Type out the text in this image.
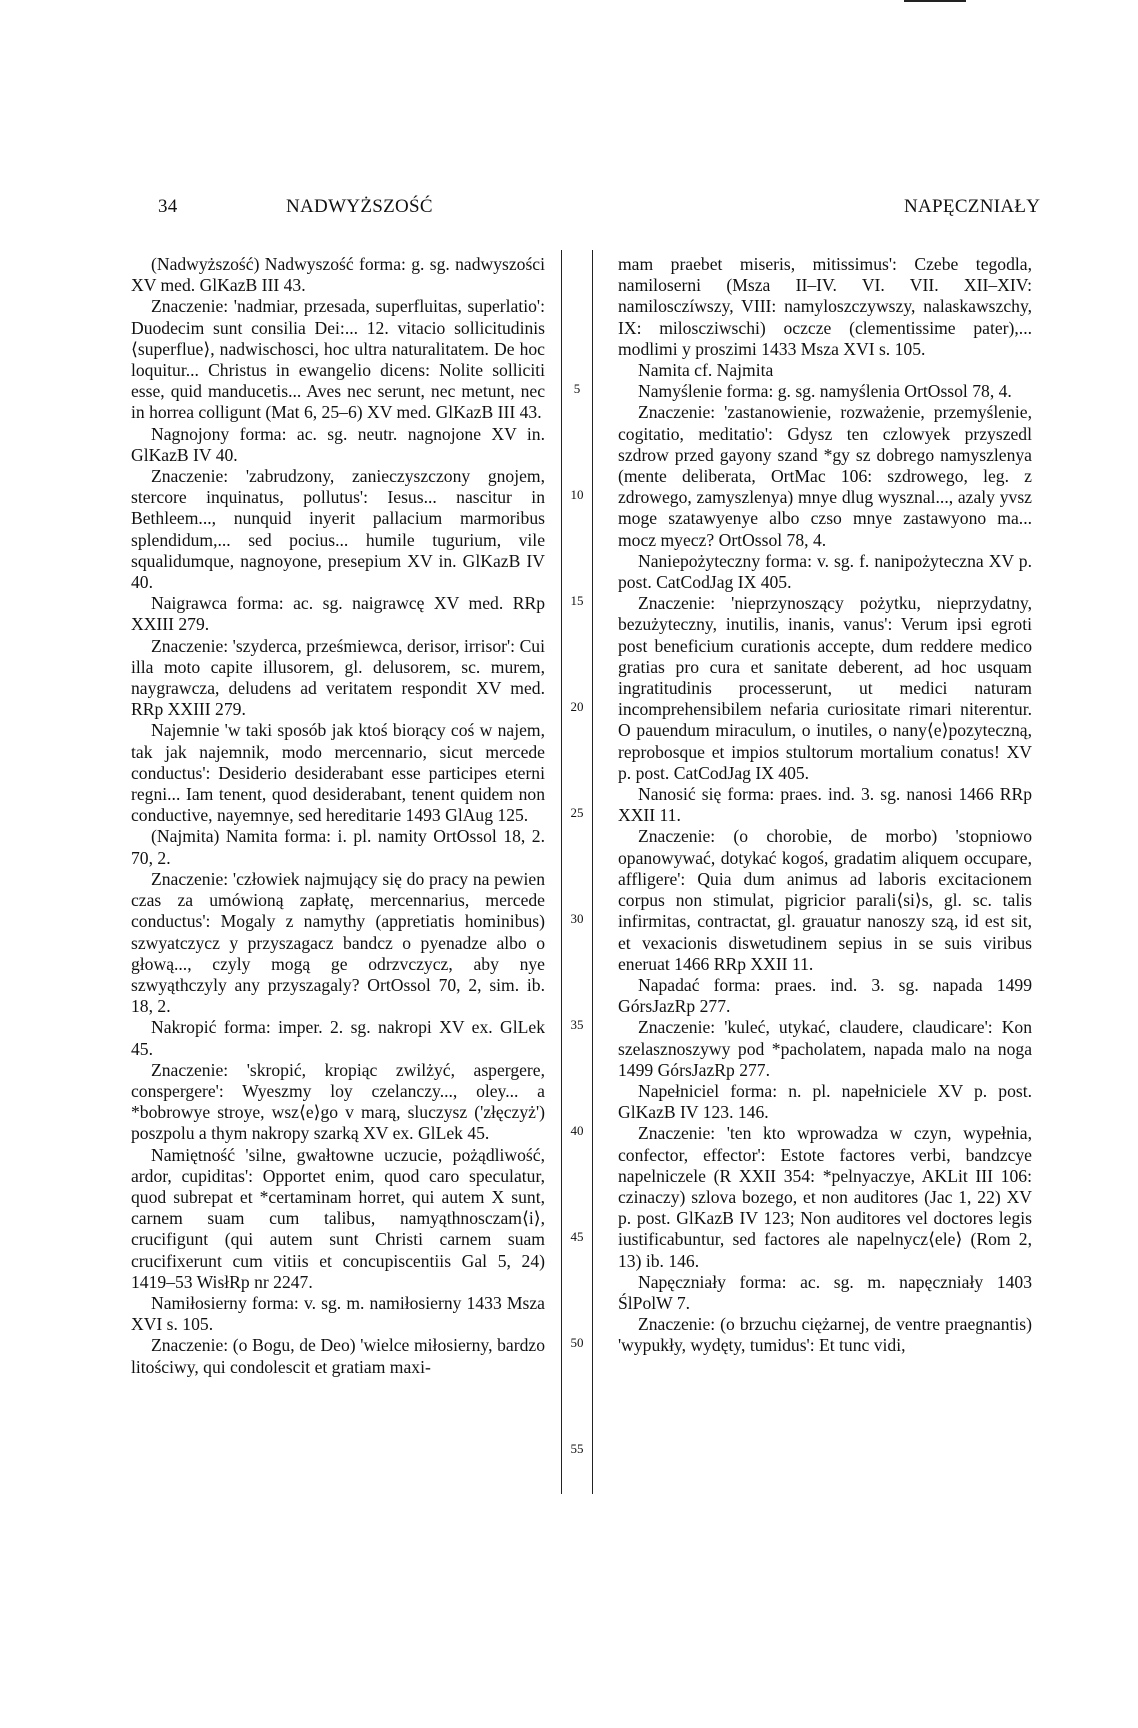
34	NADWYŻSZOŚĆ	NAPĘCZNIAŁY
5
10
15
20
25
30
35
40
45
50
55

(Nadwyższość) Nadwyszość forma: g. sg. nadwyszości XV med. GlKazB III 43.

Znaczenie: 'nadmiar, przesada, superfluitas, superlatio': Duodecim sunt consilia Dei:... 12. vitacio sollicitudinis ⟨superflue⟩, nadwischosci, hoc ultra naturalitatem. De hoc loquitur... Christus in ewangelio dicens: Nolite solliciti esse, quid manducetis... Aves nec serunt, nec metunt, nec in horrea colligunt (Mat 6, 25–6) XV med. GlKazB III 43.

Nagnojony forma: ac. sg. neutr. nagnojone XV in. GlKazB IV 40.

Znaczenie: 'zabrudzony, zanieczyszczony gnojem, stercore inquinatus, pollutus': Iesus... nascitur in Bethleem..., nunquid inyerit pallacium marmoribus splendidum,... sed pocius... humile tugurium, vile squalidumque, nagnoyone, presepium XV in. GlKazB IV 40.

Naigrawca forma: ac. sg. naigrawcę XV med. RRp XXIII 279.

Znaczenie: 'szyderca, prześmiewca, derisor, irrisor': Cui illa moto capite illusorem, gl. delusorem, sc. murem, naygrawcza, deludens ad veritatem respondit XV med. RRp XXIII 279.

Najemnie 'w taki sposób jak ktoś biorący coś w najem, tak jak najemnik, modo mercennario, sicut mercede conductus': Desiderio desiderabant esse participes eterni regni... Iam tenent, quod desiderabant, tenent quidem non conductive, nayemnye, sed hereditarie 1493 GlAug 125.

(Najmita) Namita forma: i. pl. namity OrtOssol 18, 2. 70, 2.

Znaczenie: 'człowiek najmujący się do pracy na pewien czas za umówioną zapłatę, mercennarius, mercede conductus': Mogaly z namythy (appretiatis hominibus) szwyatczycz y przyszagacz bandcz o pyenadze albo o głową..., czyly mogą ge odrzvczycz, aby nye szwyąthczyly any przyszagaly? OrtOssol 70, 2, sim. ib. 18, 2.

Nakropić forma: imper. 2. sg. nakropi XV ex. GlLek 45.

Znaczenie: 'skropić, kropiąc zwilżyć, aspergere, conspergere': Wyeszmy loy czelanczy..., oley... a *bobrowye stroye, wsz⟨e⟩go v marą, sluczysz ('złęczyż') poszpolu a thym nakropy szarką XV ex. GlLek 45.

Namiętność 'silne, gwałtowne uczucie, pożądliwość, ardor, cupiditas': Opportet enim, quod caro speculatur, quod subrepat et *certaminam horret, qui autem X sunt, carnem suam cum talibus, namyąthnosczam⟨i⟩, crucifigunt (qui autem sunt Christi carnem suam crucifixerunt cum vitiis et concupiscentiis Gal 5, 24) 1419–53 WisłRp nr 2247.

Namiłosierny forma: v. sg. m. namiłosierny 1433 Msza XVI s. 105.

Znaczenie: (o Bogu, de Deo) 'wielce miłosierny, bardzo litościwy, qui condolescit et gratiam maxi-

mam praebet miseris, mitissimus': Czebe tegodla, namiloserni (Msza II–IV. VI. VII. XII–XIV: namilosczíwszy, VIII: namyloszczywszy, nalaskawszchy, IX: miloscziwschi) oczcze (clementissime pater),... modlimi y proszimi 1433 Msza XVI s. 105.

Namita cf. Najmita

Namyślenie forma: g. sg. namyślenia OrtOssol 78, 4.

Znaczenie: 'zastanowienie, rozważenie, przemyślenie, cogitatio, meditatio': Gdysz ten czlowyek przyszedl szdrow przed gayony szand *gy sz dobrego namyszlenya (mente deliberata, OrtMac 106: szdrowego, leg. z zdrowego, zamyszlenya) mnye dlug wysznal..., azaly yvsz moge szatawyenye albo czso mnye zastawyono ma... mocz myecz? OrtOssol 78, 4.

Naniepożyteczny forma: v. sg. f. nanipożyteczna XV p. post. CatCodJag IX 405.

Znaczenie: 'nieprzynoszący pożytku, nieprzydatny, bezużyteczny, inutilis, inanis, vanus': Verum ipsi egroti post beneficium curationis accepte, dum reddere medico gratias pro cura et sanitate deberent, ad hoc usquam ingratitudinis processerunt, ut medici naturam incomprehensibilem nefaria curiositate rimari niterentur. O pauendum miraculum, o inutiles, o nany⟨e⟩pozyteczną, reprobosque et impios stultorum mortalium conatus! XV p. post. CatCodJag IX 405.

Nanosić się forma: praes. ind. 3. sg. nanosi 1466 RRp XXII 11.

Znaczenie: (o chorobie, de morbo) 'stopniowo opanowywać, dotykać kogoś, gradatim aliquem occupare, affligere': Quia dum animus ad laboris excitacionem corpus non stimulat, pigricior parali⟨si⟩s, gl. sc. talis infirmitas, contractat, gl. grauatur nanoszy szą, id est sit, et vexacionis diswetudinem sepius in se suis viribus eneruat 1466 RRp XXII 11.

Napadać forma: praes. ind. 3. sg. napada 1499 GórsJazRp 277.

Znaczenie: 'kuleć, utykać, claudere, claudicare': Kon szelasznoszywy pod *pacholatem, napada malo na noga 1499 GórsJazRp 277.

Napełniciel forma: n. pl. napełniciele XV p. post. GlKazB IV 123. 146.

Znaczenie: 'ten kto wprowadza w czyn, wypełnia, confector, effector': Estote factores verbi, bandzcye napelniczele (R XXII 354: *pelnyaczye, AKLit III 106: czinaczy) szlova bozego, et non auditores (Jac 1, 22) XV p. post. GlKazB IV 123; Non auditores vel doctores legis iustificabuntur, sed factores ale napelnycz⟨ele⟩ (Rom 2, 13) ib. 146.

Napęczniały forma: ac. sg. m. napęczniały 1403 ŚlPolW 7.

Znaczenie: (o brzuchu ciężarnej, de ventre praegnantis) 'wypukły, wydęty, tumidus': Et tunc vidi,
